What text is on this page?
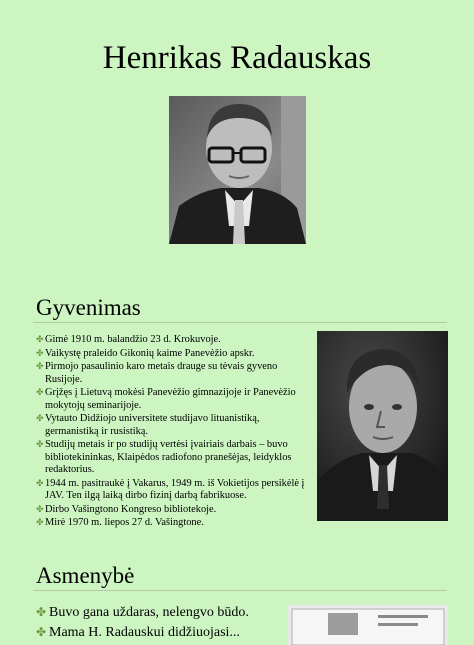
Henrikas Radauskas
Gyvenimas
✤ Gimė 1910 m. balandžio 23 d. Krokuvoje.
✤ Vaikystę praleido Gikonių kaime Panevėžio apskr.
✤ Pirmojo pasaulinio karo metais drauge su tėvais gyveno Rusijoje.
✤ Grįžęs į Lietuvą mokėsi Panevėžio gimnazijoje ir Panevėžio mokytojų seminarijoje.
✤ Vytauto Didžiojo universitete studijavo lituanistiką, germanistiką ir rusistiką.
✤ Studijų metais ir po studijų vertėsi įvairiais darbais – buvo bibliotekininkas, Klaipėdos radiofono pranešėjas, leidyklos redaktorius.
✤ 1944 m. pasitraukė į Vakarus, 1949 m. iš Vokietijos persikėlė į JAV. Ten ilgą laiką dirbo fizinį darbą fabrikuose.
✤ Dirbo Vašingtono Kongreso bibliotekoje.
✤ Mirė 1970 m. liepos 27 d. Vašingtone.
Asmenybė
✤ Buvo gana uždaras, nelengvo būdo.
✤ Mama H. Radauskui didžiuojasi...
